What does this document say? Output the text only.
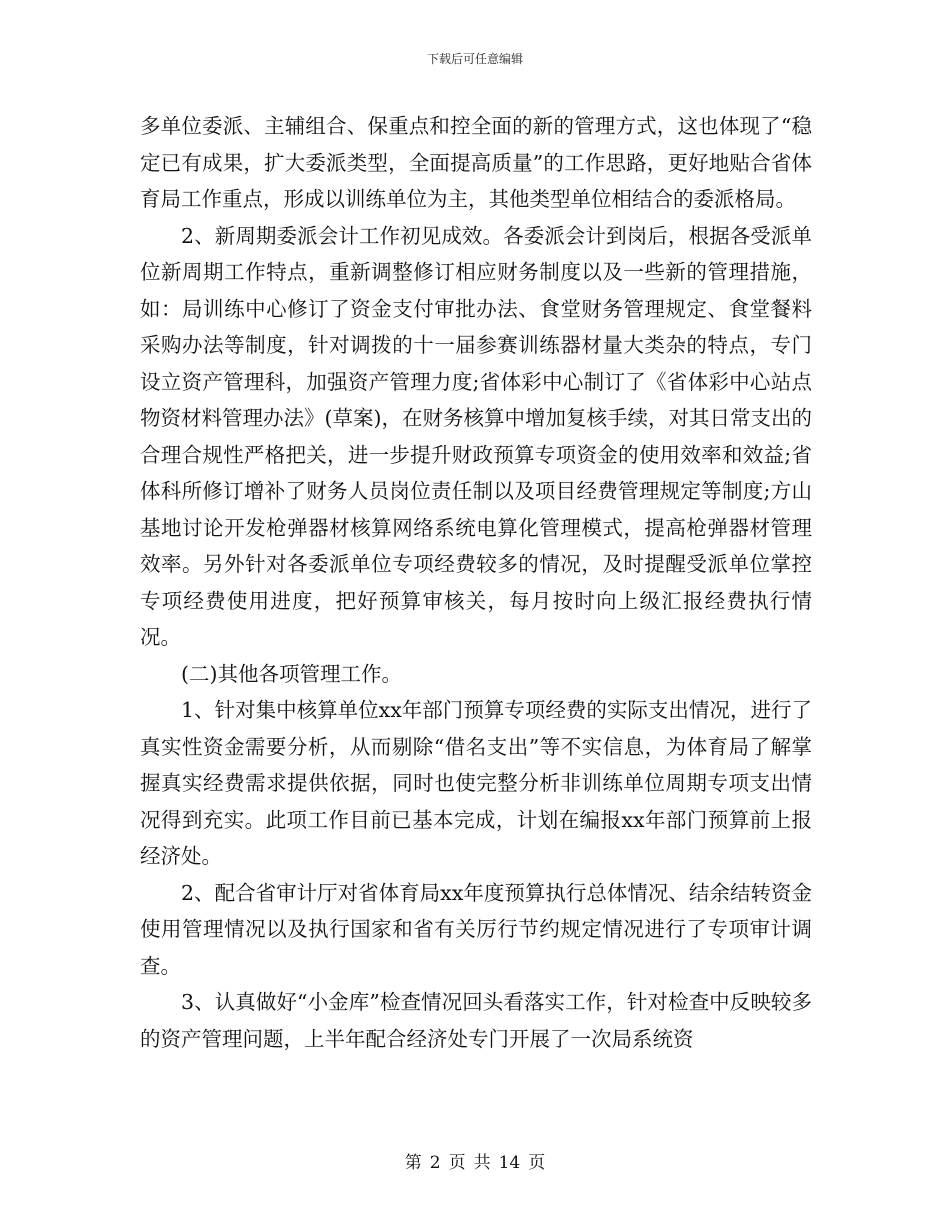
下载后可任意编辑

多单位委派、主辅组合、保重点和控全面的新的管理方式，这也体现了“稳定已有成果，扩大委派类型，全面提高质量”的工作思路，更好地贴合省体育局工作重点，形成以训练单位为主，其他类型单位相结合的委派格局。

2、新周期委派会计工作初见成效。各委派会计到岗后，根据各受派单位新周期工作特点，重新调整修订相应财务制度以及一些新的管理措施，如：局训练中心修订了资金支付审批办法、食堂财务管理规定、食堂餐料采购办法等制度，针对调拨的十一届参赛训练器材量大类杂的特点，专门设立资产管理科，加强资产管理力度;省体彩中心制订了《省体彩中心站点物资材料管理办法》(草案)，在财务核算中增加复核手续，对其日常支出的合理合规性严格把关，进一步提升财政预算专项资金的使用效率和效益;省体科所修订增补了财务人员岗位责任制以及项目经费管理规定等制度;方山基地讨论开发枪弹器材核算网络系统电算化管理模式，提高枪弹器材管理效率。另外针对各委派单位专项经费较多的情况，及时提醒受派单位掌控专项经费使用进度，把好预算审核关，每月按时向上级汇报经费执行情况。

(二)其他各项管理工作。

1、针对集中核算单位xx年部门预算专项经费的实际支出情况，进行了真实性资金需要分析，从而剔除“借名支出”等不实信息，为体育局了解掌握真实经费需求提供依据，同时也使完整分析非训练单位周期专项支出情况得到充实。此项工作目前已基本完成，计划在编报xx年部门预算前上报经济处。

2、配合省审计厅对省体育局xx年度预算执行总体情况、结余结转资金使用管理情况以及执行国家和省有关厉行节约规定情况进行了专项审计调查。

3、认真做好“小金库”检查情况回头看落实工作，针对检查中反映较多的资产管理问题，上半年配合经济处专门开展了一次局系统资

第 2 页 共 14 页
